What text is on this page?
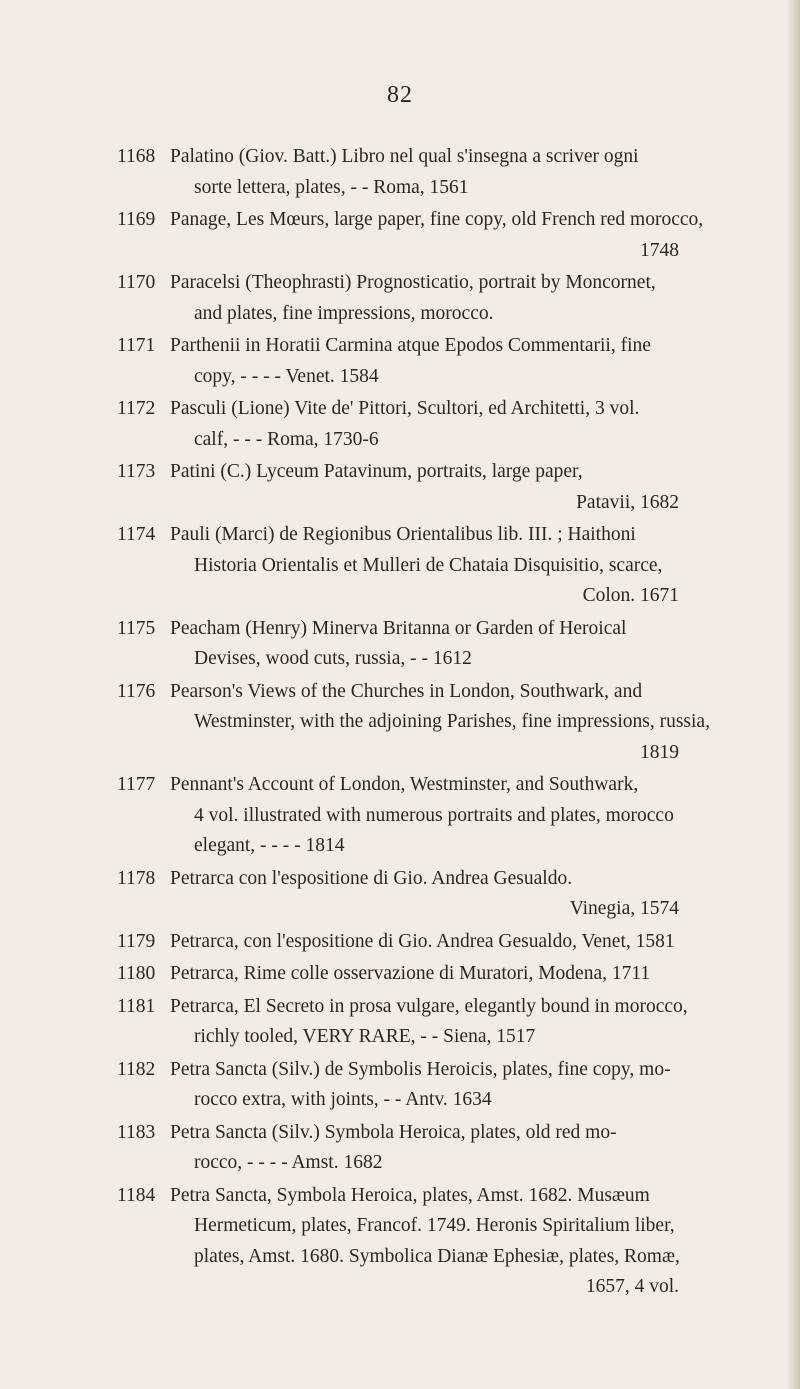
82
1168 Palatino (Giov. Batt.) Libro nel qual s'insegna a scriver ogni
sorte lettera, plates, - - Roma, 1561
1169 Panage, Les Mœurs, large paper, fine copy, old French red morocco,
1748
1170 Paracelsi (Theophrasti) Prognosticatio, portrait by Moncornet,
and plates, fine impressions, morocco.
1171 Parthenii in Horatii Carmina atque Epodos Commentarii, fine
copy, - - - - Venet. 1584
1172 Pasculi (Lione) Vite de' Pittori, Scultori, ed Architetti, 3 vol.
calf, - - - Roma, 1730-6
1173 Patini (C.) Lyceum Patavinum, portraits, large paper,
Patavii, 1682
1174 Pauli (Marci) de Regionibus Orientalibus lib. III. ; Haithoni
Historia Orientalis et Mulleri de Chataia Disquisitio, scarce,
Colon. 1671
1175 Peacham (Henry) Minerva Britanna or Garden of Heroical
Devises, wood cuts, russia, - - 1612
1176 Pearson's Views of the Churches in London, Southwark, and
Westminster, with the adjoining Parishes, fine impressions, russia,
1819
1177 Pennant's Account of London, Westminster, and Southwark,
4 vol. illustrated with numerous portraits and plates, morocco
elegant, - - - - 1814
1178 Petrarca con l'espositione di Gio. Andrea Gesualdo.
Vinegia, 1574
1179 Petrarca, con l'espositione di Gio. Andrea Gesualdo, Venet, 1581
1180 Petrarca, Rime colle osservazione di Muratori, Modena, 1711
1181 Petrarca, El Secreto in prosa vulgare, elegantly bound in morocco,
richly tooled, VERY RARE, - - Siena, 1517
1182 Petra Sancta (Silv.) de Symbolis Heroicis, plates, fine copy, mo-
rocco extra, with joints, - - Antv. 1634
1183 Petra Sancta (Silv.) Symbola Heroica, plates, old red mo-
rocco, - - - - Amst. 1682
1184 Petra Sancta, Symbola Heroica, plates, Amst. 1682. Musæum
Hermeticum, plates, Francof. 1749. Heronis Spiritalium liber,
plates, Amst. 1680. Symbolica Dianæ Ephesiæ, plates, Romæ,
1657, 4 vol.
